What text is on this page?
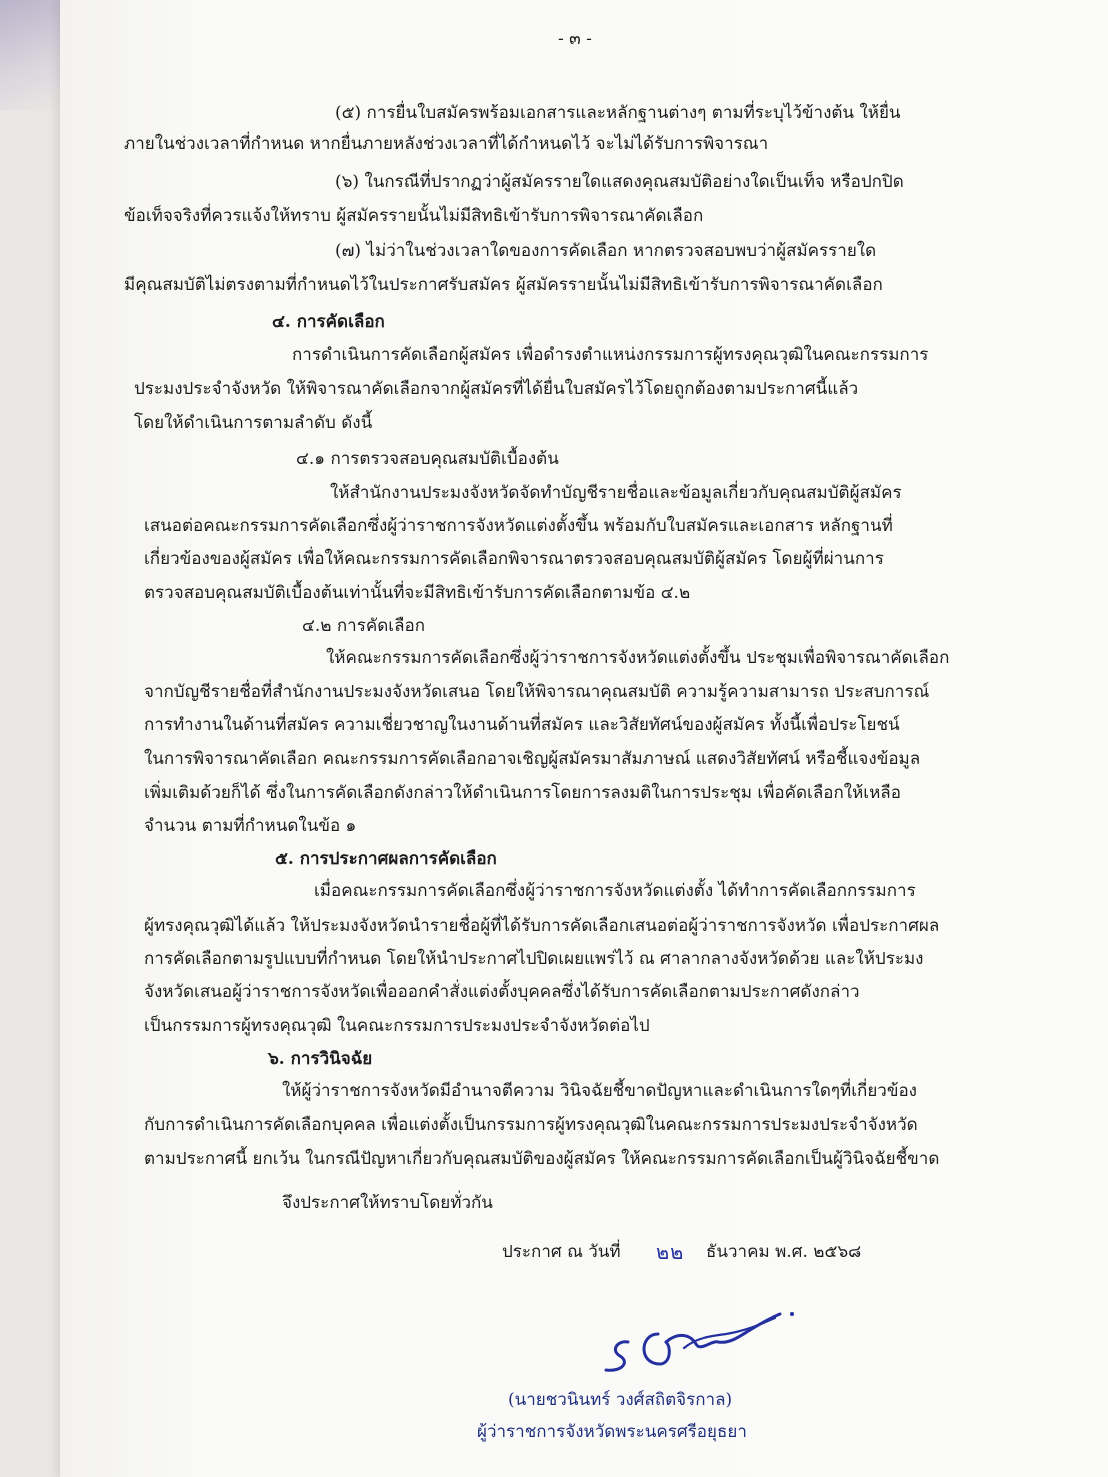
- ๓ -

(๕) การยื่นใบสมัครพร้อมเอกสารและหลักฐานต่างๆ ตามที่ระบุไว้ข้างต้น ให้ยื่น

ภายในช่วงเวลาที่กำหนด หากยื่นภายหลังช่วงเวลาที่ได้กำหนดไว้ จะไม่ได้รับการพิจารณา

(๖) ในกรณีที่ปรากฏว่าผู้สมัครรายใดแสดงคุณสมบัติอย่างใดเป็นเท็จ หรือปกปิด

ข้อเท็จจริงที่ควรแจ้งให้ทราบ ผู้สมัครรายนั้นไม่มีสิทธิเข้ารับการพิจารณาคัดเลือก

(๗) ไม่ว่าในช่วงเวลาใดของการคัดเลือก หากตรวจสอบพบว่าผู้สมัครรายใด

มีคุณสมบัติไม่ตรงตามที่กำหนดไว้ในประกาศรับสมัคร ผู้สมัครรายนั้นไม่มีสิทธิเข้ารับการพิจารณาคัดเลือก

๔. การคัดเลือก

การดำเนินการคัดเลือกผู้สมัคร เพื่อดำรงตำแหน่งกรรมการผู้ทรงคุณวุฒิในคณะกรรมการ

ประมงประจำจังหวัด ให้พิจารณาคัดเลือกจากผู้สมัครที่ได้ยื่นใบสมัครไว้โดยถูกต้องตามประกาศนี้แล้ว

โดยให้ดำเนินการตามลำดับ ดังนี้

๔.๑ การตรวจสอบคุณสมบัติเบื้องต้น

ให้สำนักงานประมงจังหวัดจัดทำบัญชีรายชื่อและข้อมูลเกี่ยวกับคุณสมบัติผู้สมัคร

เสนอต่อคณะกรรมการคัดเลือกซึ่งผู้ว่าราชการจังหวัดแต่งตั้งขึ้น พร้อมกับใบสมัครและเอกสาร หลักฐานที่

เกี่ยวข้องของผู้สมัคร เพื่อให้คณะกรรมการคัดเลือกพิจารณาตรวจสอบคุณสมบัติผู้สมัคร โดยผู้ที่ผ่านการ

ตรวจสอบคุณสมบัติเบื้องต้นเท่านั้นที่จะมีสิทธิเข้ารับการคัดเลือกตามข้อ ๔.๒

๔.๒ การคัดเลือก

ให้คณะกรรมการคัดเลือกซึ่งผู้ว่าราชการจังหวัดแต่งตั้งขึ้น ประชุมเพื่อพิจารณาคัดเลือก

จากบัญชีรายชื่อที่สำนักงานประมงจังหวัดเสนอ โดยให้พิจารณาคุณสมบัติ ความรู้ความสามารถ ประสบการณ์

การทำงานในด้านที่สมัคร ความเชี่ยวชาญในงานด้านที่สมัคร และวิสัยทัศน์ของผู้สมัคร ทั้งนี้เพื่อประโยชน์

ในการพิจารณาคัดเลือก คณะกรรมการคัดเลือกอาจเชิญผู้สมัครมาสัมภาษณ์ แสดงวิสัยทัศน์ หรือชี้แจงข้อมูล

เพิ่มเติมด้วยก็ได้ ซึ่งในการคัดเลือกดังกล่าวให้ดำเนินการโดยการลงมติในการประชุม เพื่อคัดเลือกให้เหลือ

จำนวน ตามที่กำหนดในข้อ ๑

๕. การประกาศผลการคัดเลือก

เมื่อคณะกรรมการคัดเลือกซึ่งผู้ว่าราชการจังหวัดแต่งตั้ง ได้ทำการคัดเลือกกรรมการ

ผู้ทรงคุณวุฒิได้แล้ว ให้ประมงจังหวัดนำรายชื่อผู้ที่ได้รับการคัดเลือกเสนอต่อผู้ว่าราชการจังหวัด เพื่อประกาศผล

การคัดเลือกตามรูปแบบที่กำหนด โดยให้นำประกาศไปปิดเผยแพร่ไว้ ณ ศาลากลางจังหวัดด้วย และให้ประมง

จังหวัดเสนอผู้ว่าราชการจังหวัดเพื่อออกคำสั่งแต่งตั้งบุคคลซึ่งได้รับการคัดเลือกตามประกาศดังกล่าว

เป็นกรรมการผู้ทรงคุณวุฒิ ในคณะกรรมการประมงประจำจังหวัดต่อไป

๖. การวินิจฉัย

ให้ผู้ว่าราชการจังหวัดมีอำนาจตีความ วินิจฉัยชี้ขาดปัญหาและดำเนินการใดๆที่เกี่ยวข้อง

กับการดำเนินการคัดเลือกบุคคล เพื่อแต่งตั้งเป็นกรรมการผู้ทรงคุณวุฒิในคณะกรรมการประมงประจำจังหวัด

ตามประกาศนี้ ยกเว้น ในกรณีปัญหาเกี่ยวกับคุณสมบัติของผู้สมัคร ให้คณะกรรมการคัดเลือกเป็นผู้วินิจฉัยชี้ขาด

จึงประกาศให้ทราบโดยทั่วกัน

ประกาศ ณ วันที่ ๒๒ ธันวาคม พ.ศ. ๒๕๖๘

(นายชวนินทร์ วงศ์สถิตจิรกาล)

ผู้ว่าราชการจังหวัดพระนครศรีอยุธยา
